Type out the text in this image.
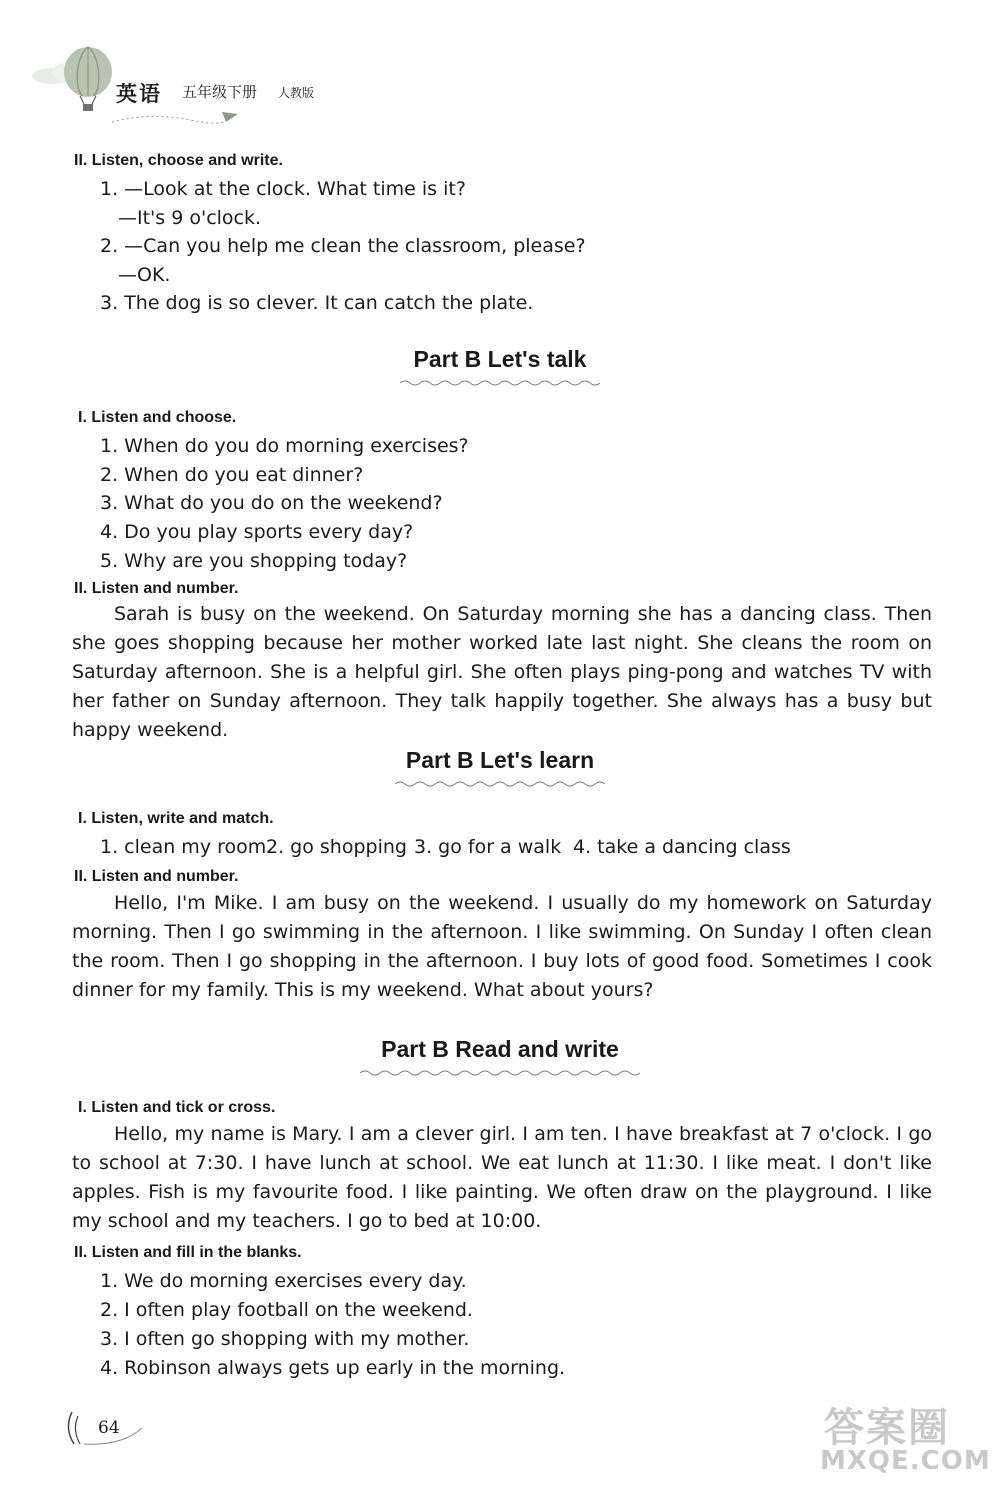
英语 五年级下册 人教版
II. Listen, choose and write.
1. —Look at the clock. What time is it?
—It's 9 o'clock.
2. —Can you help me clean the classroom, please?
—OK.
3. The dog is so clever. It can catch the plate.
Part B Let's talk
I. Listen and choose.
1. When do you do morning exercises?
2. When do you eat dinner?
3. What do you do on the weekend?
4. Do you play sports every day?
5. Why are you shopping today?
II. Listen and number.
Sarah is busy on the weekend. On Saturday morning she has a dancing class. Then she goes shopping because her mother worked late last night. She cleans the room on Saturday afternoon. She is a helpful girl. She often plays ping-pong and watches TV with her father on Sunday afternoon. They talk happily together. She always has a busy but happy weekend.
Part B Let's learn
I. Listen, write and match.
1. clean my room 2. go shopping 3. go for a walk 4. take a dancing class
II. Listen and number.
Hello, I'm Mike. I am busy on the weekend. I usually do my homework on Saturday morning. Then I go swimming in the afternoon. I like swimming. On Sunday I often clean the room. Then I go shopping in the afternoon. I buy lots of good food. Sometimes I cook dinner for my family. This is my weekend. What about yours?
Part B Read and write
I. Listen and tick or cross.
Hello, my name is Mary. I am a clever girl. I am ten. I have breakfast at 7 o'clock. I go to school at 7:30. I have lunch at school. We eat lunch at 11:30. I like meat. I don't like apples. Fish is my favourite food. I like painting. We often draw on the playground. I like my school and my teachers. I go to bed at 10:00.
II. Listen and fill in the blanks.
1. We do morning exercises every day.
2. I often play football on the weekend.
3. I often go shopping with my mother.
4. Robinson always gets up early in the morning.
64	答案圈
MXQE.COM
